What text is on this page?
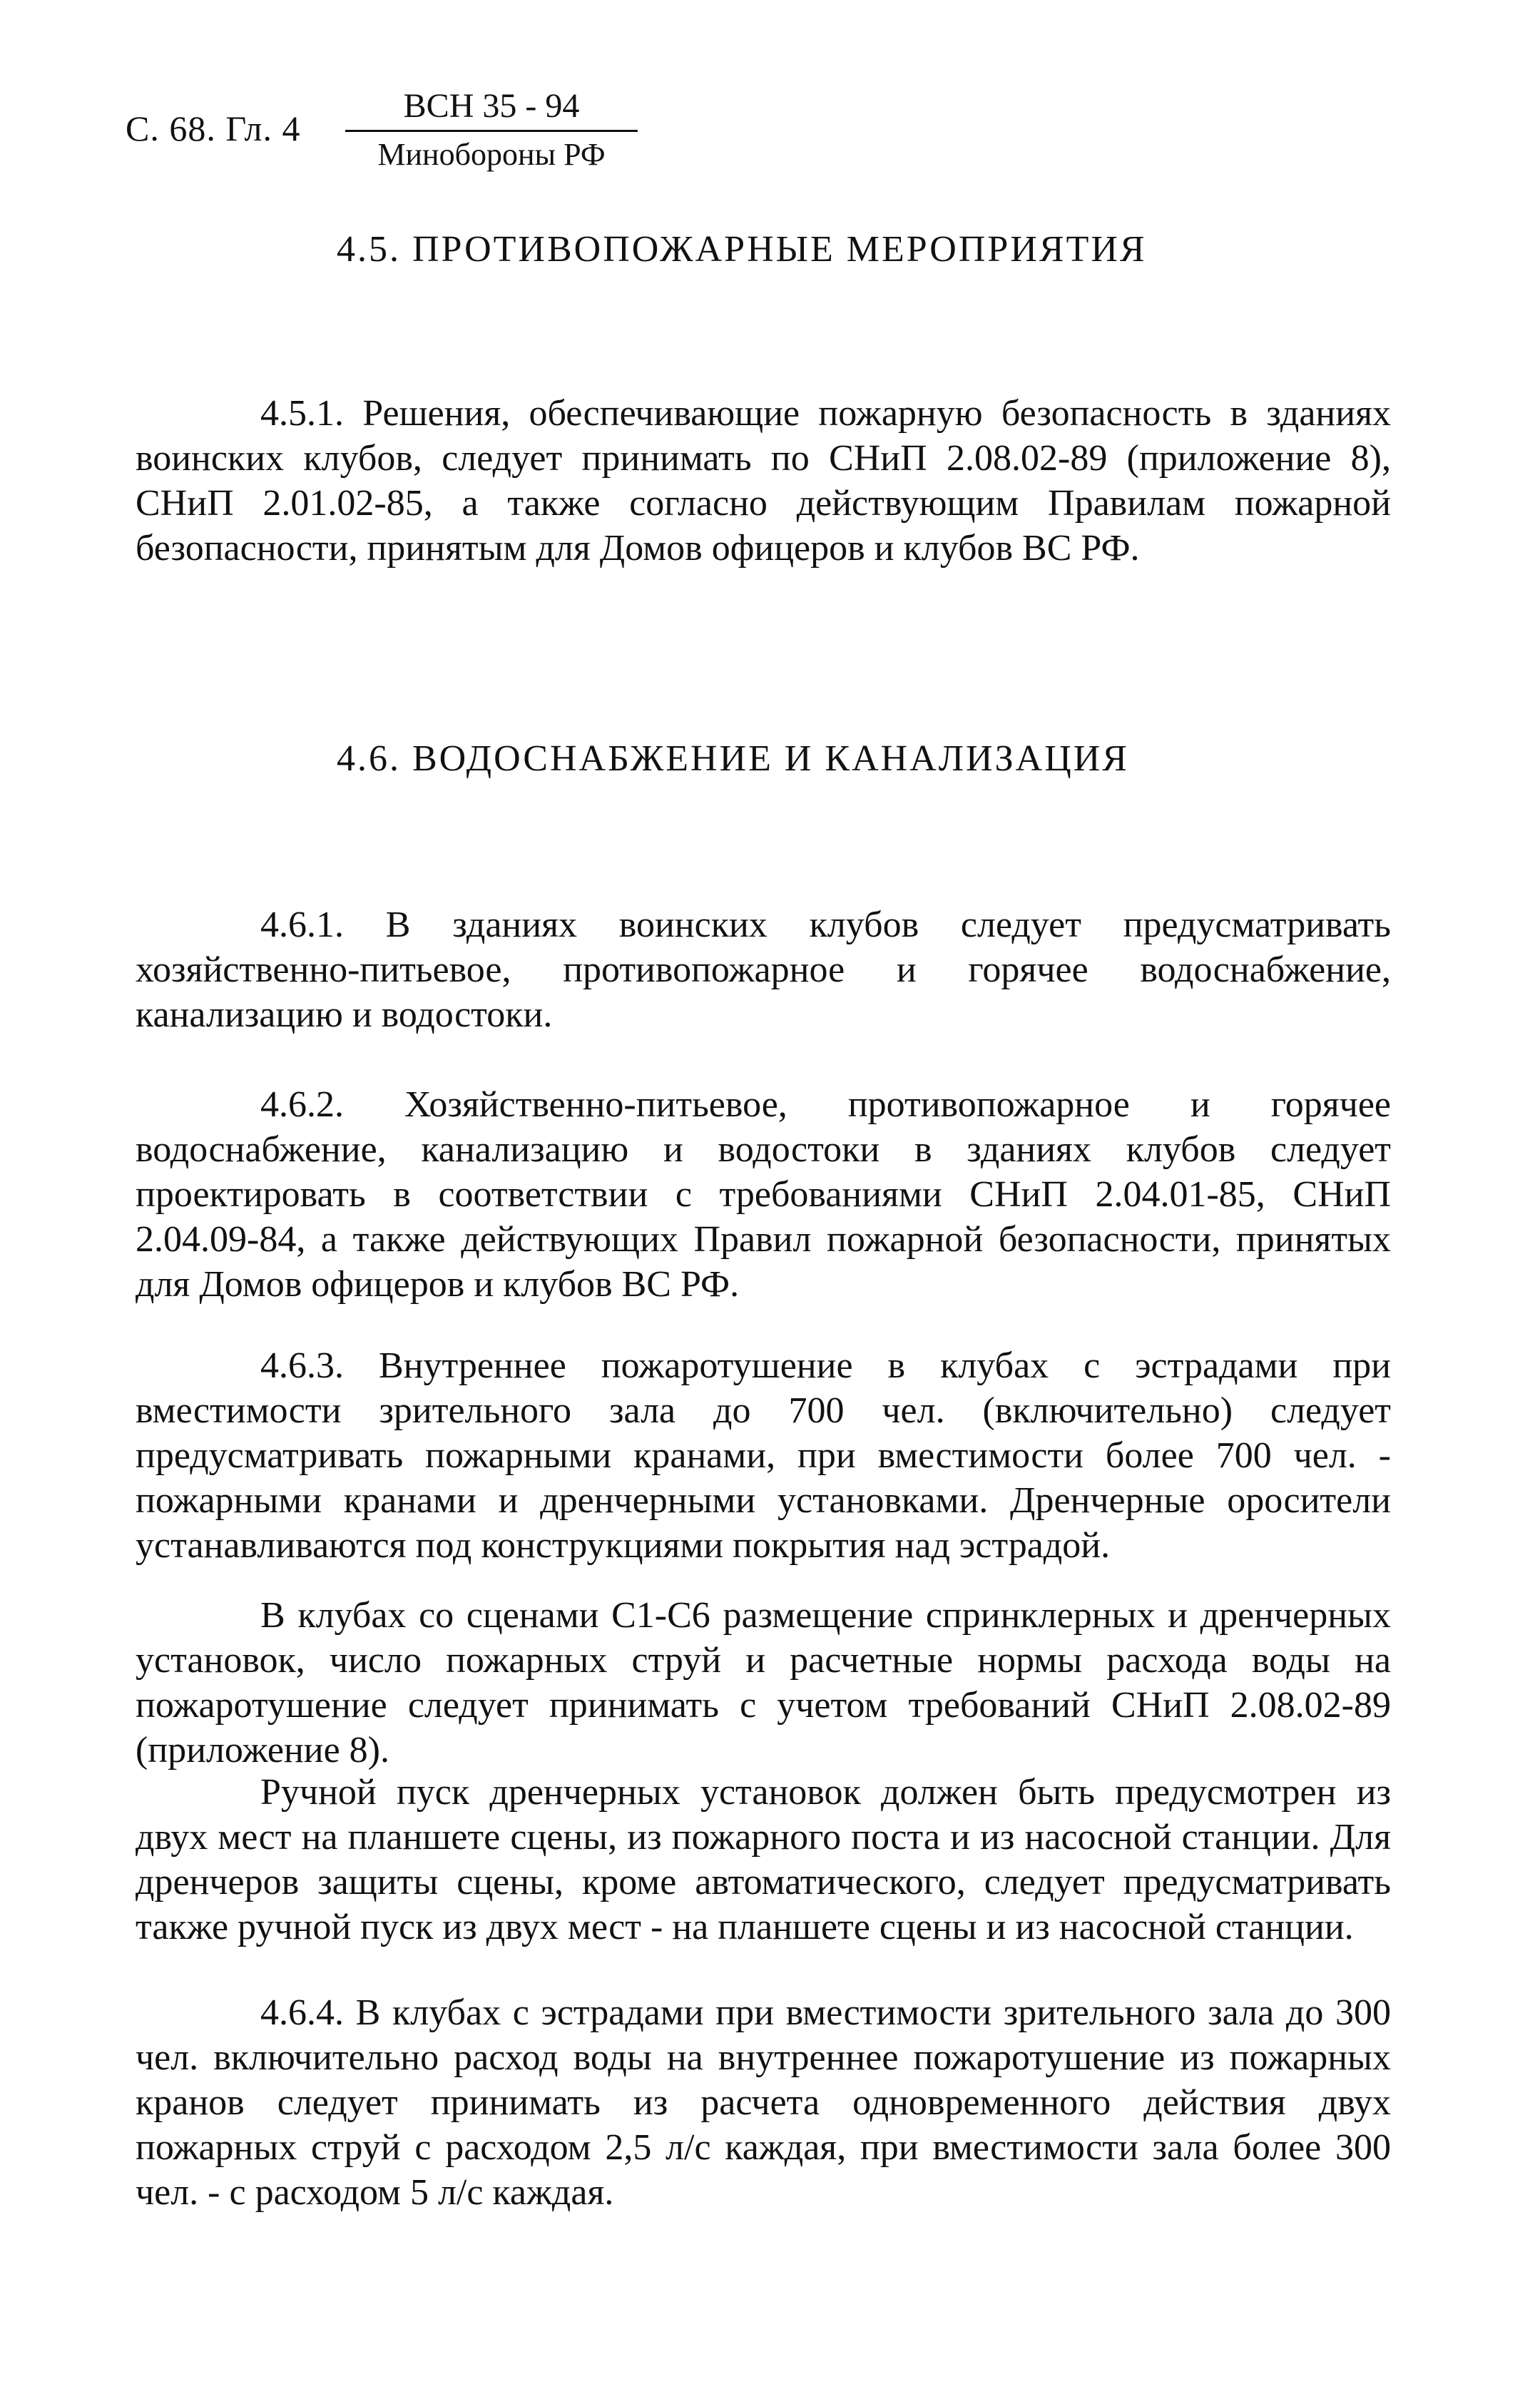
С. 68. Гл. 4
ВСН 35 - 94
Минобороны РФ
4.5. ПРОТИВОПОЖАРНЫЕ МЕРОПРИЯТИЯ

4.5.1. Решения, обеспечивающие пожарную безопасность в зданиях воинских клубов, следует принимать по СНиП 2.08.02-89 (приложение 8), СНиП 2.01.02-85, а также согласно действующим Правилам пожарной безопасности, принятым для Домов офицеров и клубов ВС РФ.

4.6. ВОДОСНАБЖЕНИЕ И КАНАЛИЗАЦИЯ

4.6.1. В зданиях воинских клубов следует предусматривать хозяйственно-питьевое, противопожарное и горячее водоснабжение, канализацию и водостоки.

4.6.2. Хозяйственно-питьевое, противопожарное и горячее водоснабжение, канализацию и водостоки в зданиях клубов следует проектировать в соответствии с требованиями СНиП 2.04.01-85, СНиП 2.04.09-84, а также действующих Правил пожарной безопасности, принятых для Домов офицеров и клубов ВС РФ.

4.6.3. Внутреннее пожаротушение в клубах с эстрадами при вместимости зрительного зала до 700 чел. (включительно) следует предусматривать пожарными кранами, при вместимости более 700 чел. - пожарными кранами и дренчерными установками. Дренчерные оросители устанавливаются под конструкциями покрытия над эстрадой.

В клубах со сценами С1-С6 размещение спринклерных и дренчерных установок, число пожарных струй и расчетные нормы расхода воды на пожаротушение следует принимать с учетом требований СНиП 2.08.02-89 (приложение 8).

Ручной пуск дренчерных установок должен быть предусмотрен из двух мест на планшете сцены, из пожарного поста и из насосной станции. Для дренчеров защиты сцены, кроме автоматического, следует предусматривать также ручной пуск из двух мест - на планшете сцены и из насосной станции.

4.6.4. В клубах с эстрадами при вместимости зрительного зала до 300 чел. включительно расход воды на внутреннее пожаротушение из пожарных кранов следует принимать из расчета одновременного действия двух пожарных струй с расходом 2,5 л/с каждая, при вместимости зала более 300 чел. - с расходом 5 л/с каждая.
